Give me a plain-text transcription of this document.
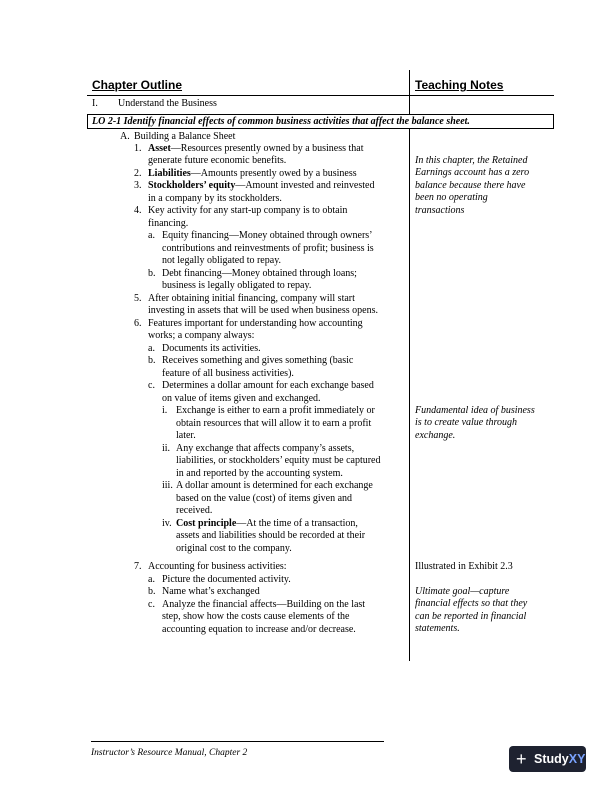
Chapter Outline	Teaching Notes
I. Understand the Business
LO 2-1 Identify financial effects of common business activities that affect the balance sheet.
A. Building a Balance Sheet
1. Asset—Resources presently owned by a business that
generate future economic benefits.
2. Liabilities—Amounts presently owed by a business
3. Stockholders’ equity—Amount invested and reinvested
in a company by its stockholders.
4. Key activity for any start-up company is to obtain
financing.
a. Equity financing—Money obtained through owners’
contributions and reinvestments of profit; business is
not legally obligated to repay.
b. Debt financing—Money obtained through loans;
business is legally obligated to repay.
5. After obtaining initial financing, company will start
investing in assets that will be used when business opens.
6. Features important for understanding how accounting
works; a company always:
a. Documents its activities.
b. Receives something and gives something (basic
feature of all business activities).
c. Determines a dollar amount for each exchange based
on value of items given and exchanged.
i. Exchange is either to earn a profit immediately or
obtain resources that will allow it to earn a profit
later.
ii. Any exchange that affects company’s assets,
liabilities, or stockholders’ equity must be captured
in and reported by the accounting system.
iii. A dollar amount is determined for each exchange
based on the value (cost) of items given and
received.
iv. Cost principle—At the time of a transaction,
assets and liabilities should be recorded at their
original cost to the company.
7. Accounting for business activities:
a. Picture the documented activity.
b. Name what’s exchanged
c. Analyze the financial affects—Building on the last
step, show how the costs cause elements of the
accounting equation to increase and/or decrease.
In this chapter, the Retained
Earnings account has a zero
balance because there have
been no operating
transactions
Fundamental idea of business
is to create value through
exchange.
Illustrated in Exhibit 2.3
Ultimate goal—capture
financial effects so that they
can be reported in financial
statements.
Instructor’s Resource Manual, Chapter 2	+ StudyXY
